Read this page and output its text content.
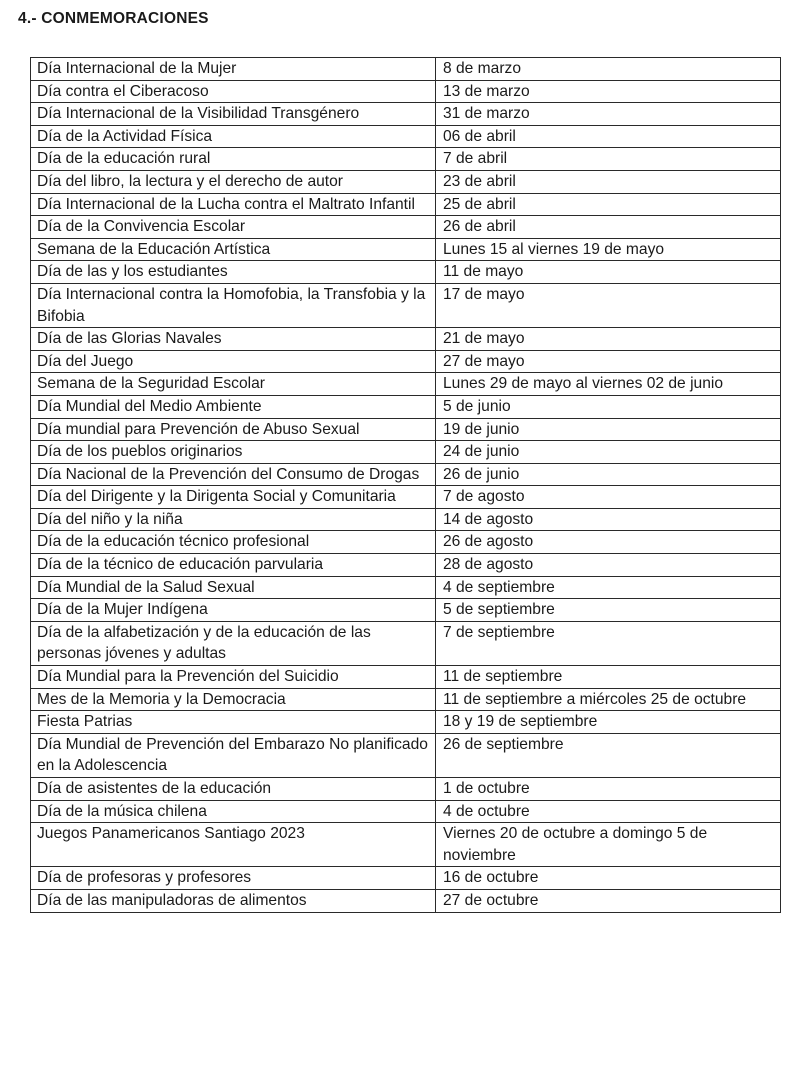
4.- CONMEMORACIONES
Día Internacional de la Mujer	8 de marzo
Día contra el Ciberacoso	13 de marzo
Día Internacional de la Visibilidad Transgénero	31 de marzo
Día de la Actividad Física	06 de abril
Día de la educación rural	7 de abril
Día del libro, la lectura y el derecho de autor	23 de abril
Día Internacional de la Lucha contra el Maltrato Infantil	25 de abril
Día de la Convivencia Escolar	26 de abril
Semana de la Educación Artística	Lunes 15 al viernes 19 de mayo
Día de las y los estudiantes	11 de mayo
Día Internacional contra la Homofobia, la Transfobia y la Bifobia	17 de mayo
Día de las Glorias Navales	21 de mayo
Día del Juego	27 de mayo
Semana de la Seguridad Escolar	Lunes 29 de mayo al viernes 02 de junio
Día Mundial del Medio Ambiente	5 de junio
Día mundial para Prevención de Abuso Sexual	19 de junio
Día de los pueblos originarios	24 de junio
Día Nacional de la Prevención del Consumo de Drogas	26 de junio
Día del Dirigente y la Dirigenta Social y Comunitaria	7 de agosto
Día del niño y la niña	14 de agosto
Día de la educación técnico profesional	26 de agosto
Día de la técnico de educación parvularia	28 de agosto
Día Mundial de la Salud Sexual	4 de septiembre
Día de la Mujer Indígena	5 de septiembre
Día de la alfabetización y de la educación de las personas jóvenes y adultas	7 de septiembre
Día Mundial para la Prevención del Suicidio	11 de septiembre
Mes de la Memoria y la Democracia	11 de septiembre a miércoles 25 de octubre
Fiesta Patrias	18 y 19 de septiembre
Día Mundial de Prevención del Embarazo No planificado en la Adolescencia	26 de septiembre
Día de asistentes de la educación	1 de octubre
Día de la música chilena	4 de octubre
Juegos Panamericanos Santiago 2023	Viernes 20 de octubre a domingo 5 de noviembre
Día de profesoras y profesores	16 de octubre
Día de las manipuladoras de alimentos	27 de octubre
